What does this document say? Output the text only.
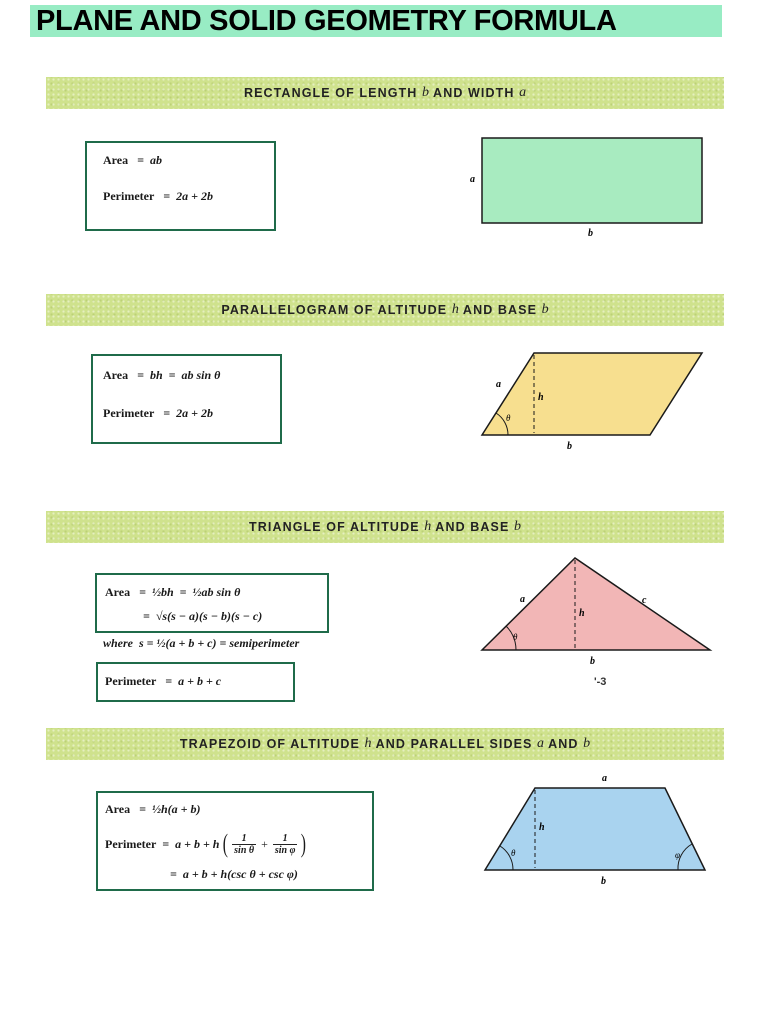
PLANE AND SOLID GEOMETRY FORMULA
RECTANGLE OF LENGTH b AND WIDTH a
Area =  ab
Perimeter =  2a + 2b
a
b
PARALLELOGRAM OF ALTITUDE h AND BASE b
Area =  bh  =  ab sin θ
Perimeter =  2a + 2b
a
h
θ
b
TRIANGLE OF ALTITUDE h AND BASE b
Area =  ½bh  =  ½ab sin θ
=  √s(s − a)(s − b)(s − c)
where  s = ½(a + b + c) = semiperimeter
Perimeter =  a + b + c
a
h
c
θ
b
'-3
TRAPEZOID OF ALTITUDE h AND PARALLEL SIDES a AND b
Area =  ½h(a + b)
Perimeter =  a + b + h ( $\frac{1}{\text{sin θ}} + \frac{1}{\text{sin φ}}$ )
=  a + b + h(csc θ + csc φ)
a
h
θ	φ
b
